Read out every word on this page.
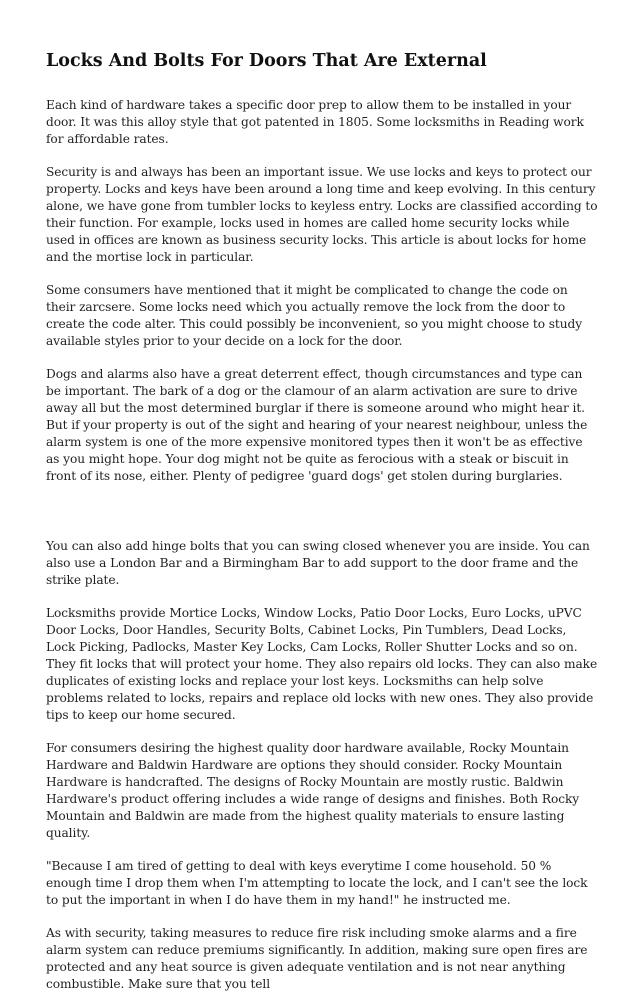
Locks And Bolts For Doors That Are External

Each kind of hardware takes a specific door prep to allow them to be installed in your door. It was this alloy style that got patented in 1805. Some locksmiths in Reading work for affordable rates.

Security is and always has been an important issue. We use locks and keys to protect our property. Locks and keys have been around a long time and keep evolving. In this century alone, we have gone from tumbler locks to keyless entry. Locks are classified according to their function. For example, locks used in homes are called home security locks while used in offices are known as business security locks. This article is about locks for home and the mortise lock in particular.

Some consumers have mentioned that it might be complicated to change the code on their zarcsere. Some locks need which you actually remove the lock from the door to create the code alter. This could possibly be inconvenient, so you might choose to study available styles prior to your decide on a lock for the door.

Dogs and alarms also have a great deterrent effect, though circumstances and type can be important. The bark of a dog or the clamour of an alarm activation are sure to drive away all but the most determined burglar if there is someone around who might hear it. But if your property is out of the sight and hearing of your nearest neighbour, unless the alarm system is one of the more expensive monitored types then it won't be as effective as you might hope. Your dog might not be quite as ferocious with a steak or biscuit in front of its nose, either. Plenty of pedigree 'guard dogs' get stolen during burglaries.

You can also add hinge bolts that you can swing closed whenever you are inside. You can also use a London Bar and a Birmingham Bar to add support to the door frame and the strike plate.

Locksmiths provide Mortice Locks, Window Locks, Patio Door Locks, Euro Locks, uPVC Door Locks, Door Handles, Security Bolts, Cabinet Locks, Pin Tumblers, Dead Locks, Lock Picking, Padlocks, Master Key Locks, Cam Locks, Roller Shutter Locks and so on. They fit locks that will protect your home. They also repairs old locks. They can also make duplicates of existing locks and replace your lost keys. Locksmiths can help solve problems related to locks, repairs and replace old locks with new ones. They also provide tips to keep our home secured.

For consumers desiring the highest quality door hardware available, Rocky Mountain Hardware and Baldwin Hardware are options they should consider. Rocky Mountain Hardware is handcrafted. The designs of Rocky Mountain are mostly rustic. Baldwin Hardware's product offering includes a wide range of designs and finishes. Both Rocky Mountain and Baldwin are made from the highest quality materials to ensure lasting quality.

"Because I am tired of getting to deal with keys everytime I come household. 50 % enough time I drop them when I'm attempting to locate the lock, and I can't see the lock to put the important in when I do have them in my hand!" he instructed me.

As with security, taking measures to reduce fire risk including smoke alarms and a fire alarm system can reduce premiums significantly. In addition, making sure open fires are protected and any heat source is given adequate ventilation and is not near anything combustible. Make sure that you tell
